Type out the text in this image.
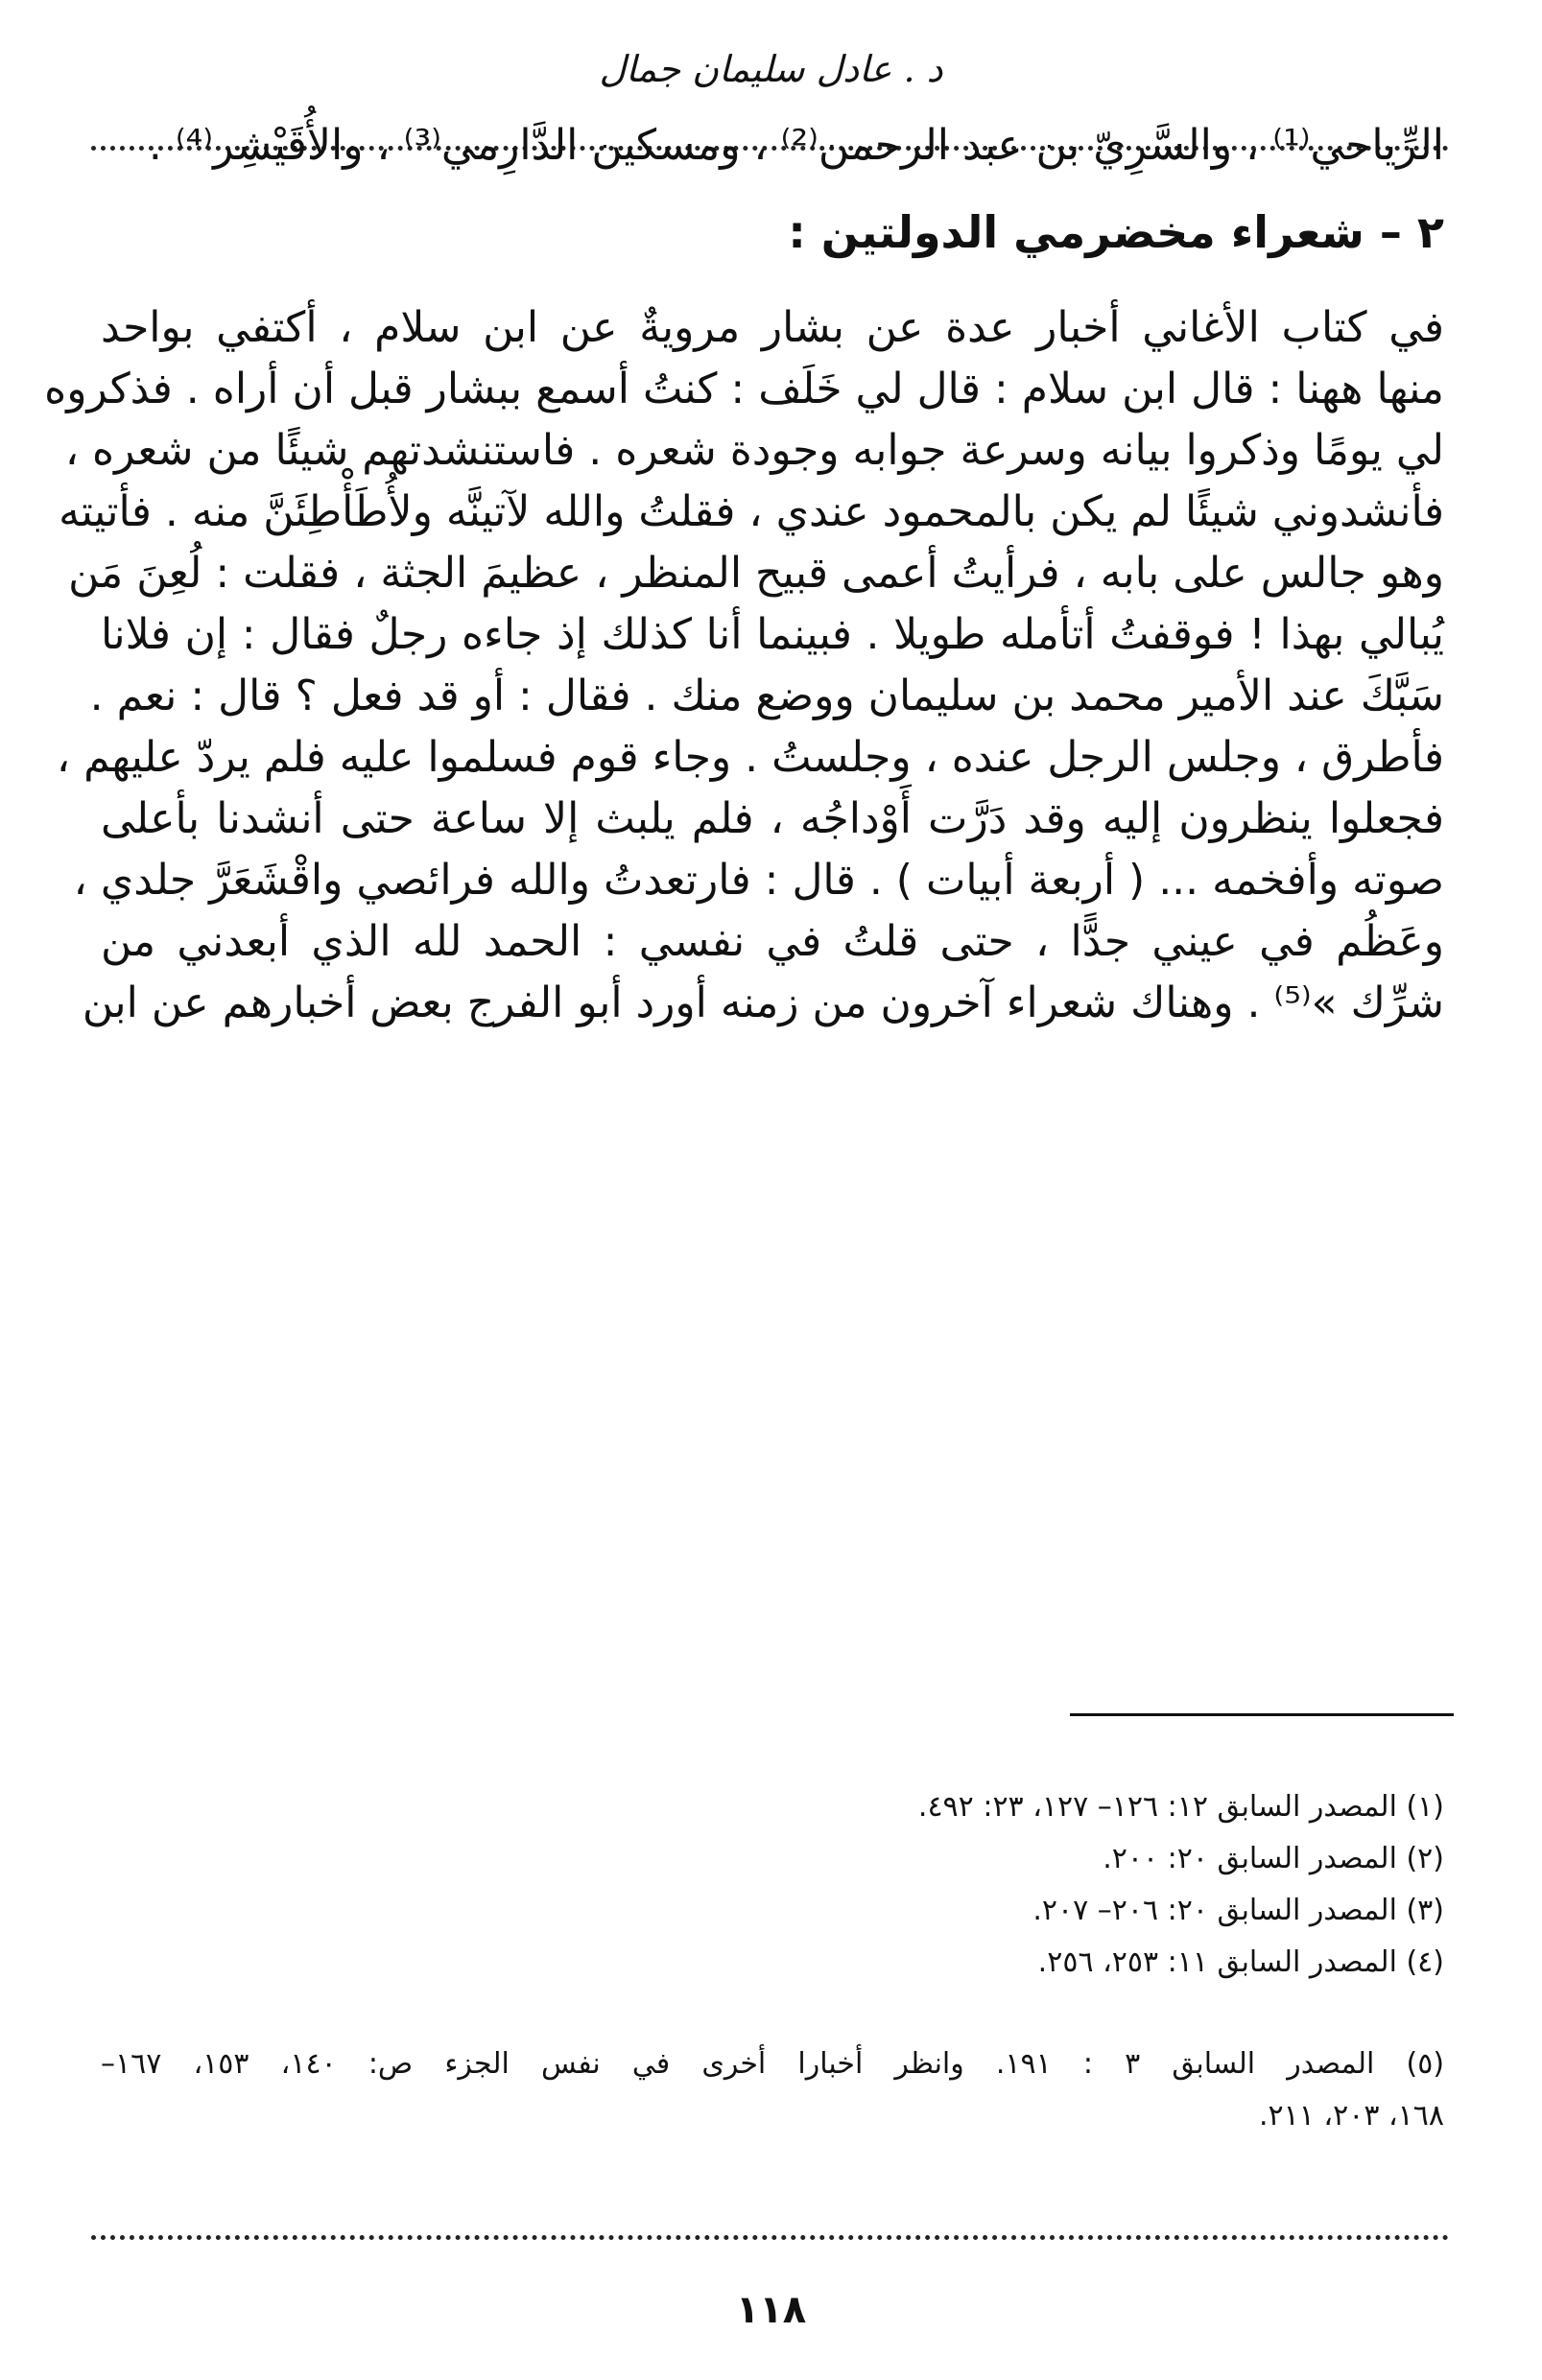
د . عادل سليمان جمال
الرِّياحي⁽¹⁾ ، والسَّرِيّ بن عبد الرحمن⁽²⁾ ، ومسكين الدَّارِمي⁽³⁾ ، والأُقَيْشِر⁽⁴⁾ .
٢ – شعراء مخضرمي الدولتين :
في كتاب الأغاني أخبار عدة عن بشار مرويةٌ عن ابن سلام ، أكتفي بواحد
منها ههنا : قال ابن سلام : قال لي خَلَف : كنتُ أسمع ببشار قبل أن أراه . فذكروه
لي يومًا وذكروا بيانه وسرعة جوابه وجودة شعره . فاستنشدتهم شيئًا من شعره ،
فأنشدوني شيئًا لم يكن بالمحمود عندي ، فقلتُ والله لآتينَّه ولأُطَأْطِئَنَّ منه . فأتيته
وهو جالس على بابه ، فرأيتُ أعمى قبيح المنظر ، عظيمَ الجثة ، فقلت : لُعِنَ مَن
يُبالي بهذا ! فوقفتُ أتأمله طويلا . فبينما أنا كذلك إذ جاءه رجلٌ فقال : إن فلانا
سَبَّكَ عند الأمير محمد بن سليمان ووضع منك . فقال : أو قد فعل ؟ قال : نعم .
فأطرق ، وجلس الرجل عنده ، وجلستُ . وجاء قوم فسلموا عليه فلم يردّ عليهم ،
فجعلوا ينظرون إليه وقد دَرَّت أَوْداجُه ، فلم يلبث إلا ساعة حتى أنشدنا بأعلى
صوته وأفخمه ... ( أربعة أبيات ) . قال : فارتعدتُ والله فرائصي واقْشَعَرَّ جلدي ،
وعَظُم في عيني جدًّا ، حتى قلتُ في نفسي : الحمد لله الذي أبعدني من
شرِّك »⁽⁵⁾ . وهناك شعراء آخرون من زمنه أورد أبو الفرج بعض أخبارهم عن ابن
(١) المصدر السابق ١٢: ١٢٦– ١٢٧، ٢٣: ٤٩٢.
(٢) المصدر السابق ٢٠: ٢٠٠.
(٣) المصدر السابق ٢٠: ٢٠٦– ٢٠٧.
(٤) المصدر السابق ١١: ٢٥٣، ٢٥٦.
(٥) المصدر السابق ٣ : ١٩١. وانظر أخبارا أخرى في نفس الجزء ص: ١٤٠، ١٥٣، ١٦٧–
١٦٨، ٢٠٣، ٢١١.
١١٨
